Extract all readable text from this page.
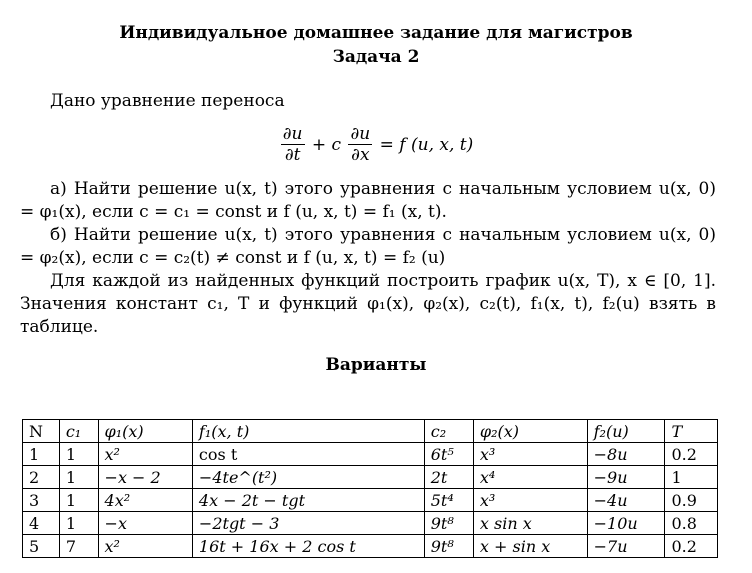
Индивидуальное домашнее задание для магистров
Задача 2
Дано уравнение переноса
$\frac{\partial u}{\partial t} + c \frac{\partial u}{\partial x} = f$ (u, x, t)
а) Найти решение u(x, t) этого уравнения с начальным условием u(x, 0) = φ₁(x), если c = c₁ = const и f (u, x, t) = f₁ (x, t).
б) Найти решение u(x, t) этого уравнения с начальным условием u(x, 0) = φ₂(x), если c = c₂(t) ≠ const и f (u, x, t) = f₂ (u)
Для каждой из найденных функций построить график u(x, T), x ∈ [0, 1]. Значения констант c₁, T и функций φ₁(x), φ₂(x), c₂(t), f₁(x, t), f₂(u) взять в таблице.
Варианты
N	c₁	φ₁(x)	f₁(x, t)	c₂	φ₂(x)	f₂(u)	T
1	1	x²	cos t	6t⁵	x³	−8u	0.2
2	1	−x − 2	−4te^(t²)	2t	x⁴	−9u	1
3	1	4x²	4x − 2t − tgt	5t⁴	x³	−4u	0.9
4	1	−x	−2tgt − 3	9t⁸	x sin x	−10u	0.8
5	7	x²	16t + 16x + 2 cos t	9t⁸	x + sin x	−7u	0.2
